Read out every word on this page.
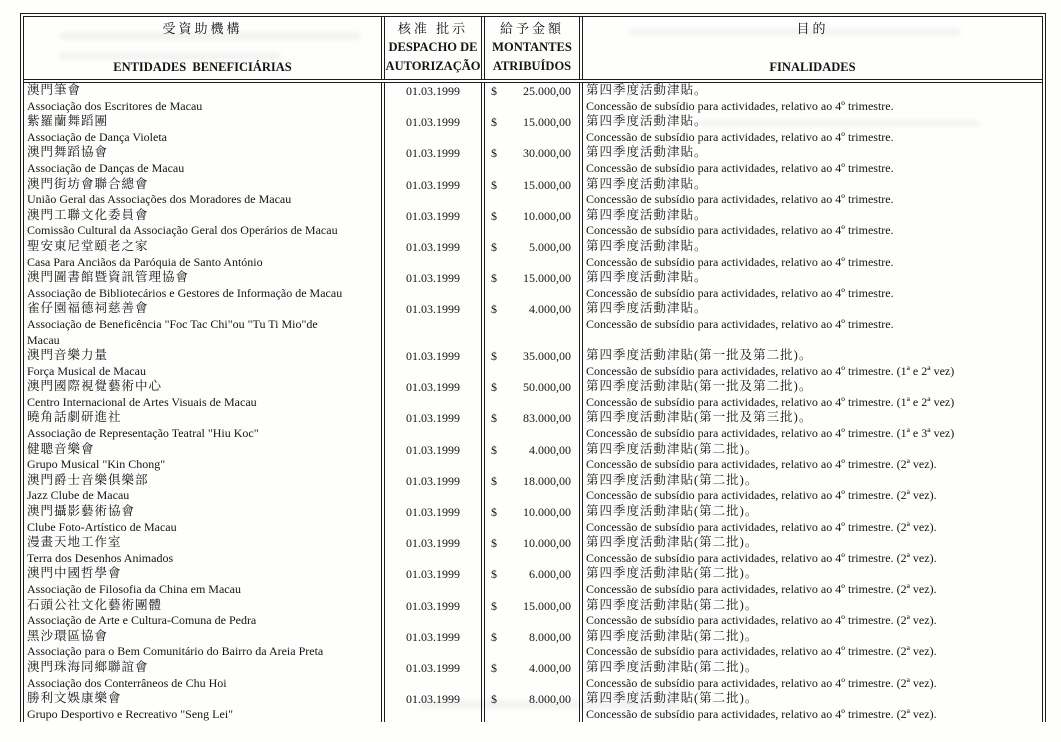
受資助機構
ENTIDADES  BENEFICIÁRIAS
核准 批示
DESPACHO DE
AUTORIZAÇÃO
給予金額
MONTANTES
ATRIBUÍDOS
目的
FINALIDADES
澳門筆會
Associação dos Escritores de Macau
01.03.1999	$ 25.000,00 第四季度活動津貼。
Concessão de subsídio para actividades, relativo ao 4º trimestre.
紫羅蘭舞蹈團
Associação de Dança Violeta
01.03.1999	$ 15.000,00 第四季度活動津貼。
Concessão de subsídio para actividades, relativo ao 4º trimestre.
澳門舞蹈協會
Associação de Danças de Macau
01.03.1999	$ 30.000,00 第四季度活動津貼。
Concessão de subsídio para actividades, relativo ao 4º trimestre.
澳門街坊會聯合總會
União Geral das Associações dos Moradores de Macau
01.03.1999	$ 15.000,00 第四季度活動津貼。
Concessão de subsídio para actividades, relativo ao 4º trimestre.
澳門工聯文化委員會
Comissão Cultural da Associação Geral dos Operários de Macau
01.03.1999	$ 10.000,00 第四季度活動津貼。
Concessão de subsídio para actividades, relativo ao 4º trimestre.
聖安東尼堂頤老之家
Casa Para Anciãos da Paróquia de Santo António
01.03.1999	$	5.000,00 第四季度活動津貼。
Concessão de subsídio para actividades, relativo ao 4º trimestre.
澳門圖書館暨資訊管理協會
Associação de Bibliotecários e Gestores de Informação de Macau
01.03.1999	$ 15.000,00 第四季度活動津貼。
Concessão de subsídio para actividades, relativo ao 4º trimestre.
雀仔園福德祠慈善會
Associação de Beneficência "Foc Tac Chi"ou "Tu Ti Mio"de
Macau
01.03.1999	$	4.000,00 第四季度活動津貼。
Concessão de subsídio para actividades, relativo ao 4º trimestre.
澳門音樂力量
Força Musical de Macau
01.03.1999	$ 35.000,00 第四季度活動津貼(第一批及第二批)。
Concessão de subsídio para actividades, relativo ao 4º trimestre. (1ª e 2ª vez)
澳門國際視覺藝術中心
Centro Internacional de Artes Visuais de Macau
01.03.1999	$ 50.000,00 第四季度活動津貼(第一批及第二批)。
Concessão de subsídio para actividades, relativo ao 4º trimestre. (1ª e 2ª vez)
曉角話劇研進社
Associação de Representação Teatral "Hiu Koc"
01.03.1999	$ 83.000,00 第四季度活動津貼(第一批及第三批)。
Concessão de subsídio para actividades, relativo ao 4º trimestre. (1ª e 3ª vez)
健聰音樂會
Grupo Musical "Kin Chong"
01.03.1999	$	4.000,00 第四季度活動津貼(第二批)。
Concessão de subsídio para actividades, relativo ao 4º trimestre. (2ª vez).
澳門爵士音樂俱樂部
Jazz Clube de Macau
01.03.1999	$ 18.000,00 第四季度活動津貼(第二批)。
Concessão de subsídio para actividades, relativo ao 4º trimestre. (2ª vez).
澳門攝影藝術協會
Clube Foto-Artístico de Macau
01.03.1999	$ 10.000,00 第四季度活動津貼(第二批)。
Concessão de subsídio para actividades, relativo ao 4º trimestre. (2ª vez).
漫畫天地工作室
Terra dos Desenhos Animados
01.03.1999	$ 10.000,00 第四季度活動津貼(第二批)。
Concessão de subsídio para actividades, relativo ao 4º trimestre. (2ª vez).
澳門中國哲學會
Associação de Filosofia da China em Macau
01.03.1999	$	6.000,00 第四季度活動津貼(第二批)。
Concessão de subsídio para actividades, relativo ao 4º trimestre. (2ª vez).
石頭公社文化藝術團體
Associação de Arte e Cultura-Comuna de Pedra
01.03.1999	$ 15.000,00 第四季度活動津貼(第二批)。
Concessão de subsídio para actividades, relativo ao 4º trimestre. (2ª vez).
黑沙環區協會
Associação para o Bem Comunitário do Bairro da Areia Preta
01.03.1999	$	8.000,00 第四季度活動津貼(第二批)。
Concessão de subsídio para actividades, relativo ao 4º trimestre. (2ª vez).
澳門珠海同鄉聯誼會
Associação dos Conterrâneos de Chu Hoi
01.03.1999	$	4.000,00 第四季度活動津貼(第二批)。
Concessão de subsídio para actividades, relativo ao 4º trimestre. (2ª vez).
勝利文娛康樂會
Grupo Desportivo e Recreativo "Seng Lei"
01.03.1999	$	8.000,00 第四季度活動津貼(第二批)。
Concessão de subsídio para actividades, relativo ao 4º trimestre. (2ª vez).
